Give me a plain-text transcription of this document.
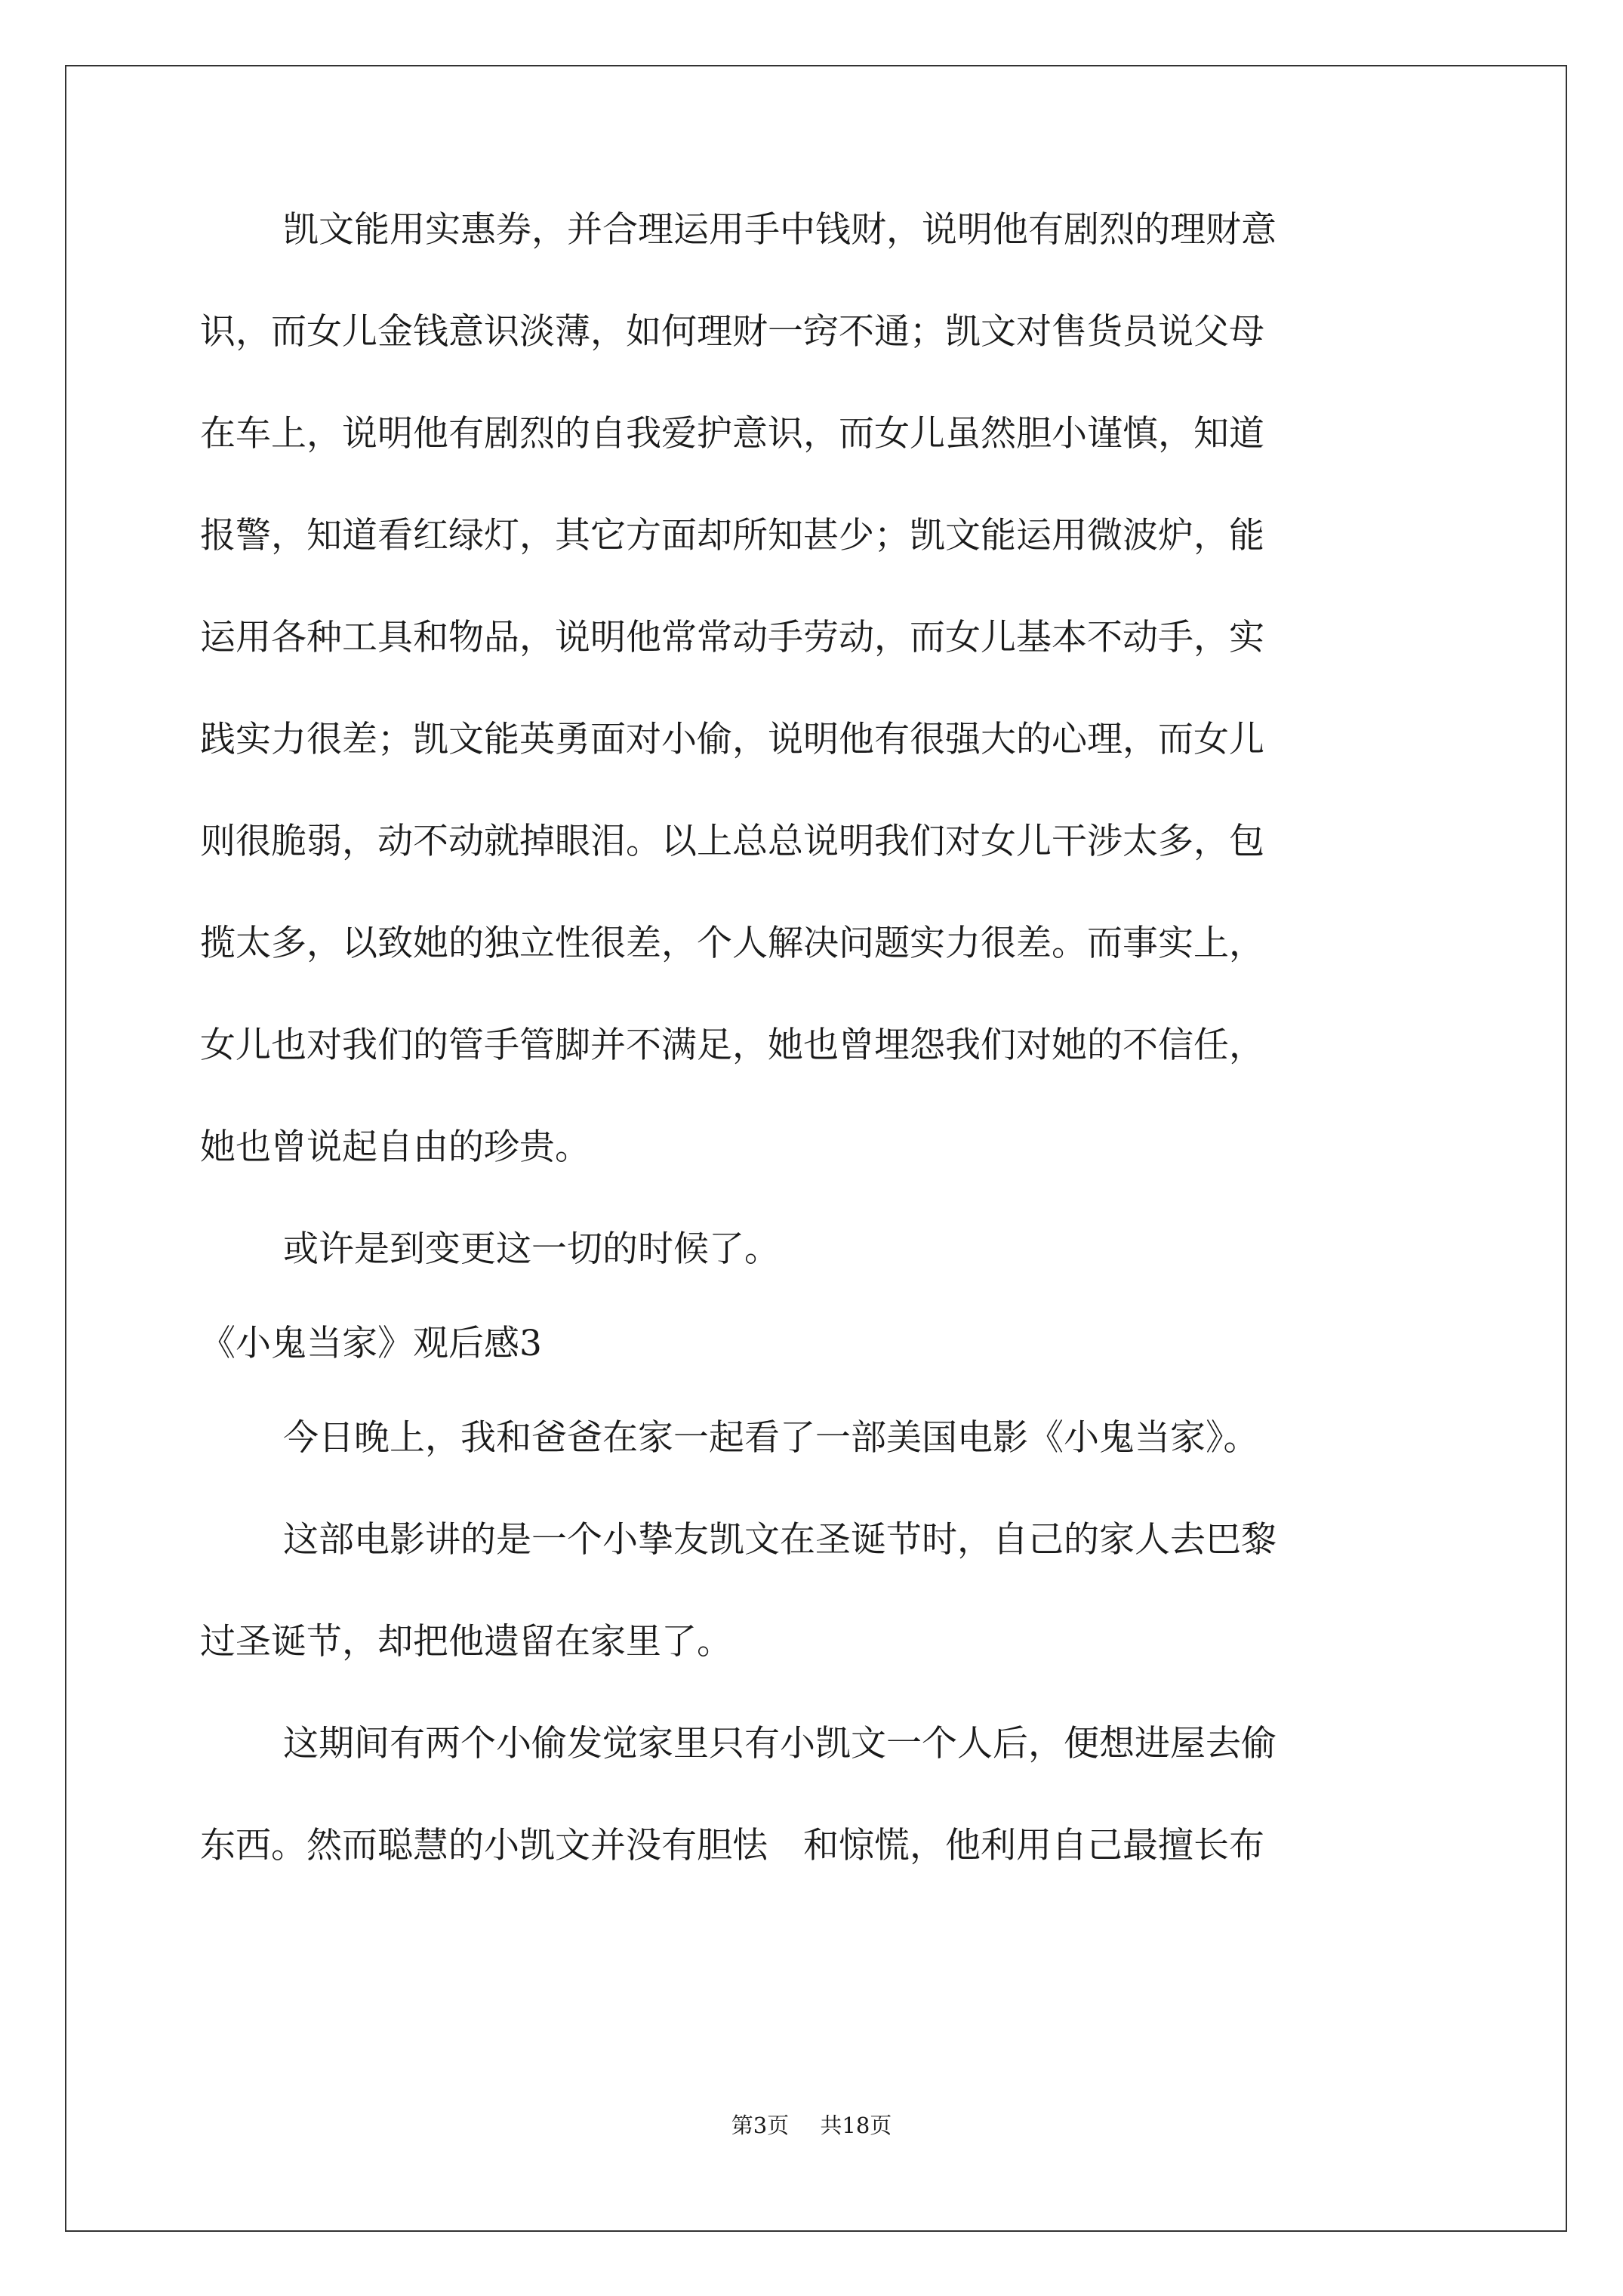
凯文能用实惠券，并合理运用手中钱财，说明他有剧烈的理财意
识，而女儿金钱意识淡薄，如何理财一窍不通；凯文对售货员说父母
在车上，说明他有剧烈的自我爱护意识，而女儿虽然胆小谨慎，知道
报警，知道看红绿灯，其它方面却所知甚少；凯文能运用微波炉，能
运用各种工具和物品，说明他常常动手劳动，而女儿基本不动手，实
践实力很差；凯文能英勇面对小偷，说明他有很强大的心理，而女儿
则很脆弱，动不动就掉眼泪。以上总总说明我们对女儿干涉太多，包
揽太多，以致她的独立性很差，个人解决问题实力很差。而事实上，
女儿也对我们的管手管脚并不满足，她也曾埋怨我们对她的不信任，
她也曾说起自由的珍贵。
或许是到变更这一切的时候了。
《小鬼当家》观后感3
今日晚上，我和爸爸在家一起看了一部美国电影《小鬼当家》。
这部电影讲的是一个小挚友凯文在圣诞节时，自己的家人去巴黎
过圣诞节，却把他遗留在家里了。
这期间有两个小偷发觉家里只有小凯文一个人后，便想进屋去偷
东西。然而聪慧的小凯文并没有胆怯　和惊慌，他利用自己最擅长布
第3页 共18页
